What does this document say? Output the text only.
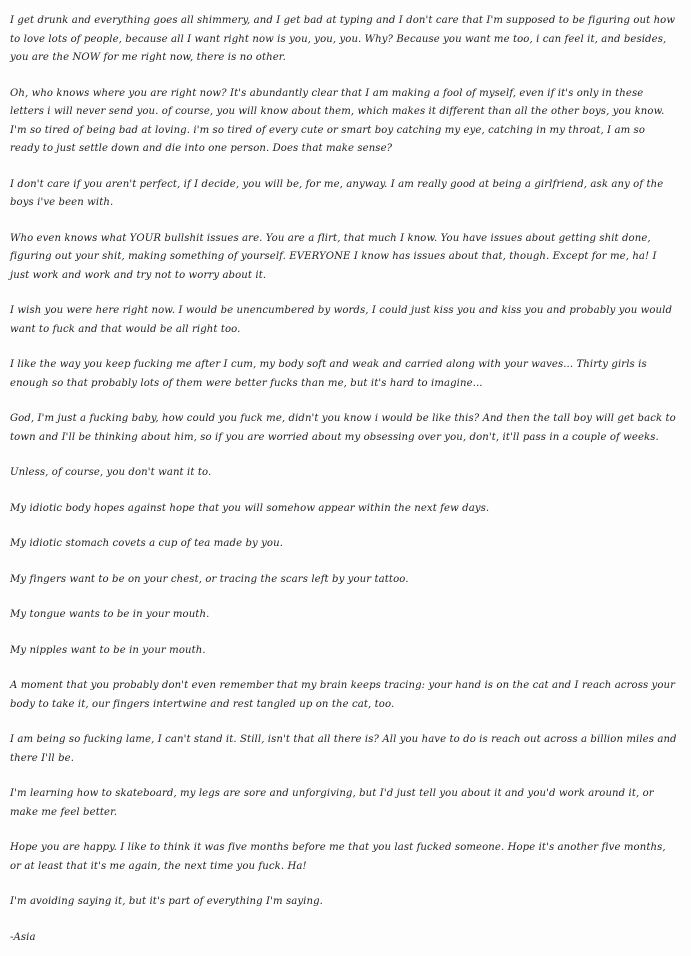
I get drunk and everything goes all shimmery, and I get bad at typing and I don't care that I'm supposed to be figuring out how to love lots of people, because all I want right now is you, you, you. Why? Because you want me too, i can feel it, and besides, you are the NOW for me right now, there is no other.

Oh, who knows where you are right now? It's abundantly clear that I am making a fool of myself, even if it's only in these letters i will never send you. of course, you will know about them, which makes it different than all the other boys, you know. I'm so tired of being bad at loving. i'm so tired of every cute or smart boy catching my eye, catching in my throat, I am so ready to just settle down and die into one person. Does that make sense?

I don't care if you aren't perfect, if I decide, you will be, for me, anyway. I am really good at being a girlfriend, ask any of the boys i've been with.

Who even knows what YOUR bullshit issues are. You are a flirt, that much I know. You have issues about getting shit done, figuring out your shit, making something of yourself. EVERYONE I know has issues about that, though. Except for me, ha! I just work and work and try not to worry about it.

I wish you were here right now. I would be unencumbered by words, I could just kiss you and kiss you and probably you would want to fuck and that would be all right too.

I like the way you keep fucking me after I cum, my body soft and weak and carried along with your waves... Thirty girls is enough so that probably lots of them were better fucks than me, but it's hard to imagine...

God, I'm just a fucking baby, how could you fuck me, didn't you know i would be like this? And then the tall boy will get back to town and I'll be thinking about him, so if you are worried about my obsessing over you, don't, it'll pass in a couple of weeks.

Unless, of course, you don't want it to.

My idiotic body hopes against hope that you will somehow appear within the next few days.

My idiotic stomach covets a cup of tea made by you.

My fingers want to be on your chest, or tracing the scars left by your tattoo.

My tongue wants to be in your mouth.

My nipples want to be in your mouth.

A moment that you probably don't even remember that my brain keeps tracing: your hand is on the cat and I reach across your body to take it, our fingers intertwine and rest tangled up on the cat, too.

I am being so fucking lame, I can't stand it. Still, isn't that all there is? All you have to do is reach out across a billion miles and there I'll be.

I'm learning how to skateboard, my legs are sore and unforgiving, but I'd just tell you about it and you'd work around it, or make me feel better.

Hope you are happy. I like to think it was five months before me that you last fucked someone. Hope it's another five months, or at least that it's me again, the next time you fuck. Ha!

I'm avoiding saying it, but it's part of everything I'm saying.

-Asia
